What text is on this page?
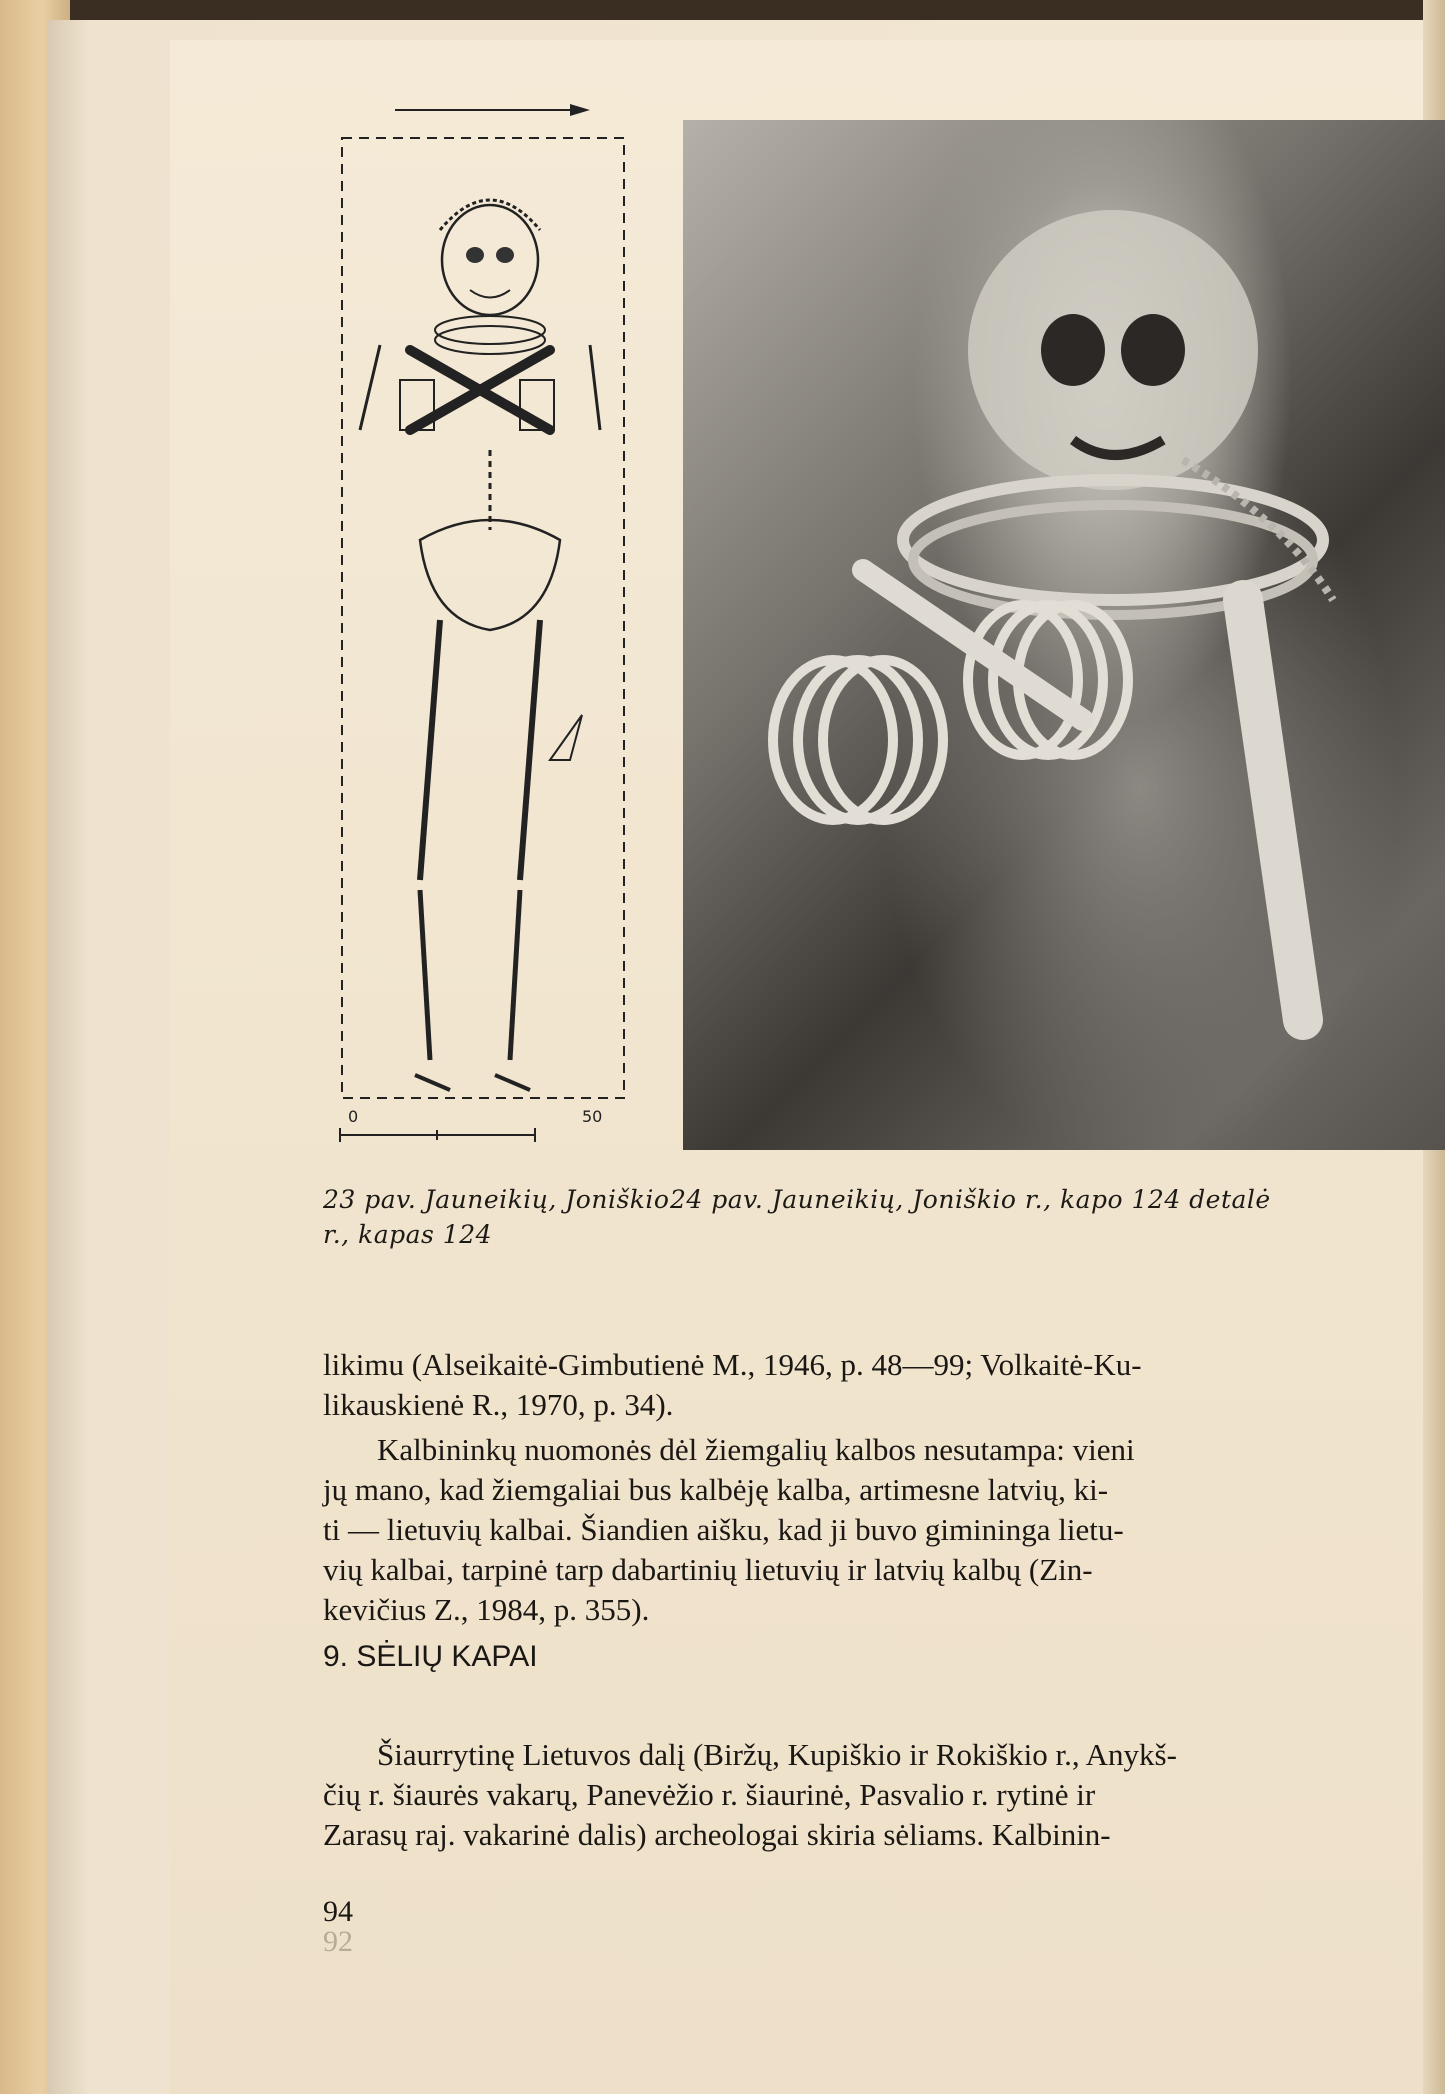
0	50
23 pav. Jauneikių, Joniškio r., kapas 124
24 pav. Jauneikių, Joniškio r., kapo 124 detalė
likimu (Alseikaitė-Gimbutienė M., 1946, p. 48—99; Volkaitė-Ku-
likauskienė R., 1970, p. 34).
Kalbininkų nuomonės dėl žiemgalių kalbos nesutampa: vieni
jų mano, kad žiemgaliai bus kalbėję kalba, artimesne latvių, ki-
ti — lietuvių kalbai. Šiandien aišku, kad ji buvo gimininga lietu-
vių kalbai, tarpinė tarp dabartinių lietuvių ir latvių kalbų (Zin-
kevičius Z., 1984, p. 355).
9. SĖLIŲ KAPAI
Šiaurrytinę Lietuvos dalį (Biržų, Kupiškio ir Rokiškio r., Anykš-
čių r. šiaurės vakarų, Panevėžio r. šiaurinė, Pasvalio r. rytinė ir
Zarasų raj. vakarinė dalis) archeologai skiria sėliams. Kalbinin-
94
92
